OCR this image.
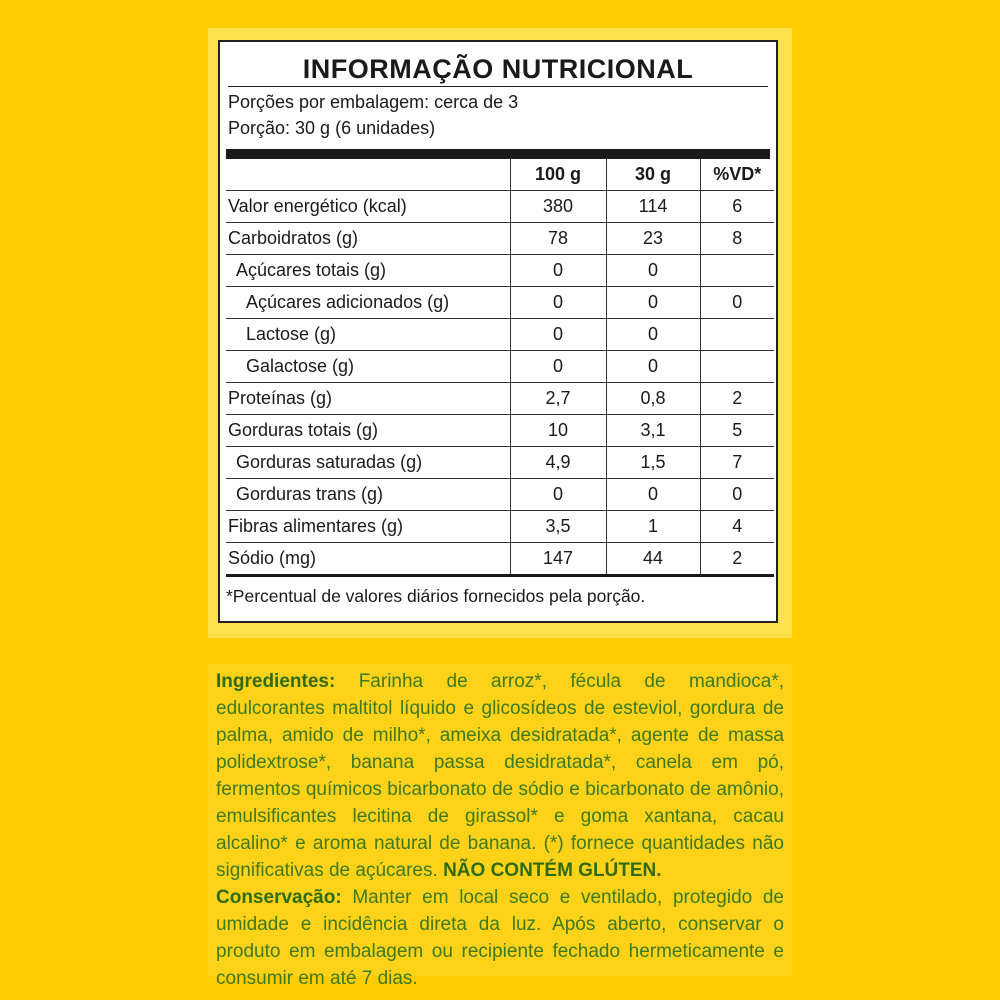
INFORMAÇÃO NUTRICIONAL
Porções por embalagem: cerca de 3
Porção: 30 g (6 unidades)
	100 g	30 g	%VD*
Valor energético (kcal)	380	114	6
Carboidratos (g)	78	23	8
Açúcares totais (g)	0	0	
Açúcares adicionados (g)	0	0	0
Lactose (g)	0	0	
Galactose (g)	0	0	
Proteínas (g)	2,7	0,8	2
Gorduras totais (g)	10	3,1	5
Gorduras saturadas (g)	4,9	1,5	7
Gorduras trans (g)	0	0	0
Fibras alimentares (g)	3,5	1	4
Sódio (mg)	147	44	2
*Percentual de valores diários fornecidos pela porção.

Ingredientes: Farinha de arroz*, fécula de mandioca*, edulcorantes maltitol líquido e glicosídeos de esteviol, gordura de palma, amido de milho*, ameixa desidratada*, agente de massa polidextrose*, banana passa desidratada*, canela em pó, fermentos químicos bicarbonato de sódio e bicarbonato de amônio, emulsificantes lecitina de girassol* e goma xantana, cacau alcalino* e aroma natural de banana. (*) fornece quantidades não significativas de açúcares. NÃO CONTÉM GLÚTEN.

Conservação: Manter em local seco e ventilado, protegido de umidade e incidência direta da luz. Após aberto, conservar o produto em embalagem ou recipiente fechado hermeticamente e consumir em até 7 dias.
